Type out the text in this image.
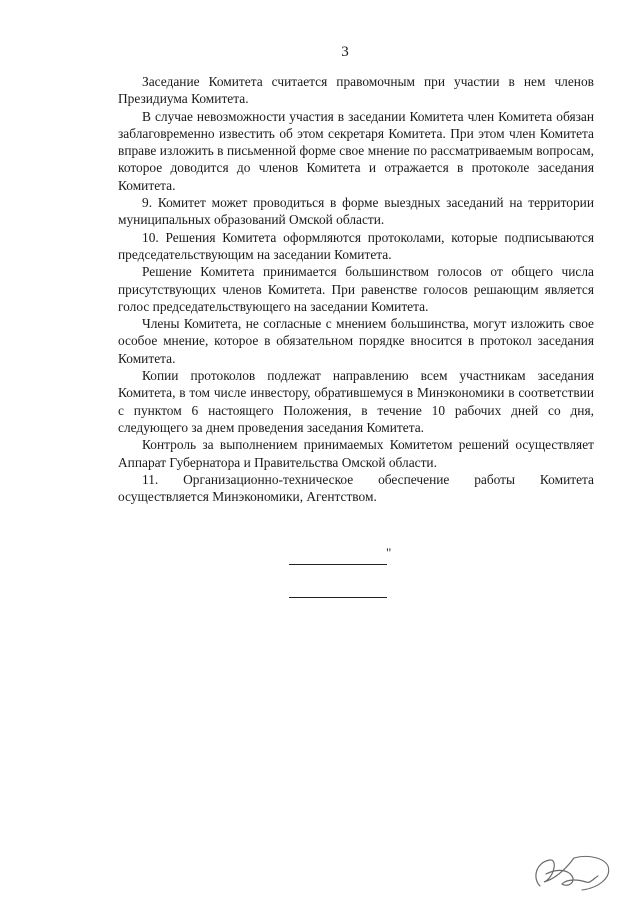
3

Заседание Комитета считается правомочным при участии в нем членов Президиума Комитета.

В случае невозможности участия в заседании Комитета член Комитета обязан заблаговременно известить об этом секретаря Комитета. При этом член Комитета вправе изложить в письменной форме свое мнение по рассматриваемым вопросам, которое доводится до членов Комитета и отражается в протоколе заседания Комитета.

9. Комитет может проводиться в форме выездных заседаний на территории муниципальных образований Омской области.

10. Решения Комитета оформляются протоколами, которые подписываются председательствующим на заседании Комитета.

Решение Комитета принимается большинством голосов от общего числа присутствующих членов Комитета. При равенстве голосов решающим является голос председательствующего на заседании Комитета.

Члены Комитета, не согласные с мнением большинства, могут изложить свое особое мнение, которое в обязательном порядке вносится в протокол заседания Комитета.

Копии протоколов подлежат направлению всем участникам заседания Комитета, в том числе инвестору, обратившемуся в Минэкономики в соответствии с пунктом 6 настоящего Положения, в течение 10 рабочих дней со дня, следующего за днем проведения заседания Комитета.

Контроль за выполнением принимаемых Комитетом решений осуществляет Аппарат Губернатора и Правительства Омской области.

11. Организационно-техническое обеспечение работы Комитета осуществляется Минэкономики, Агентством.

"
